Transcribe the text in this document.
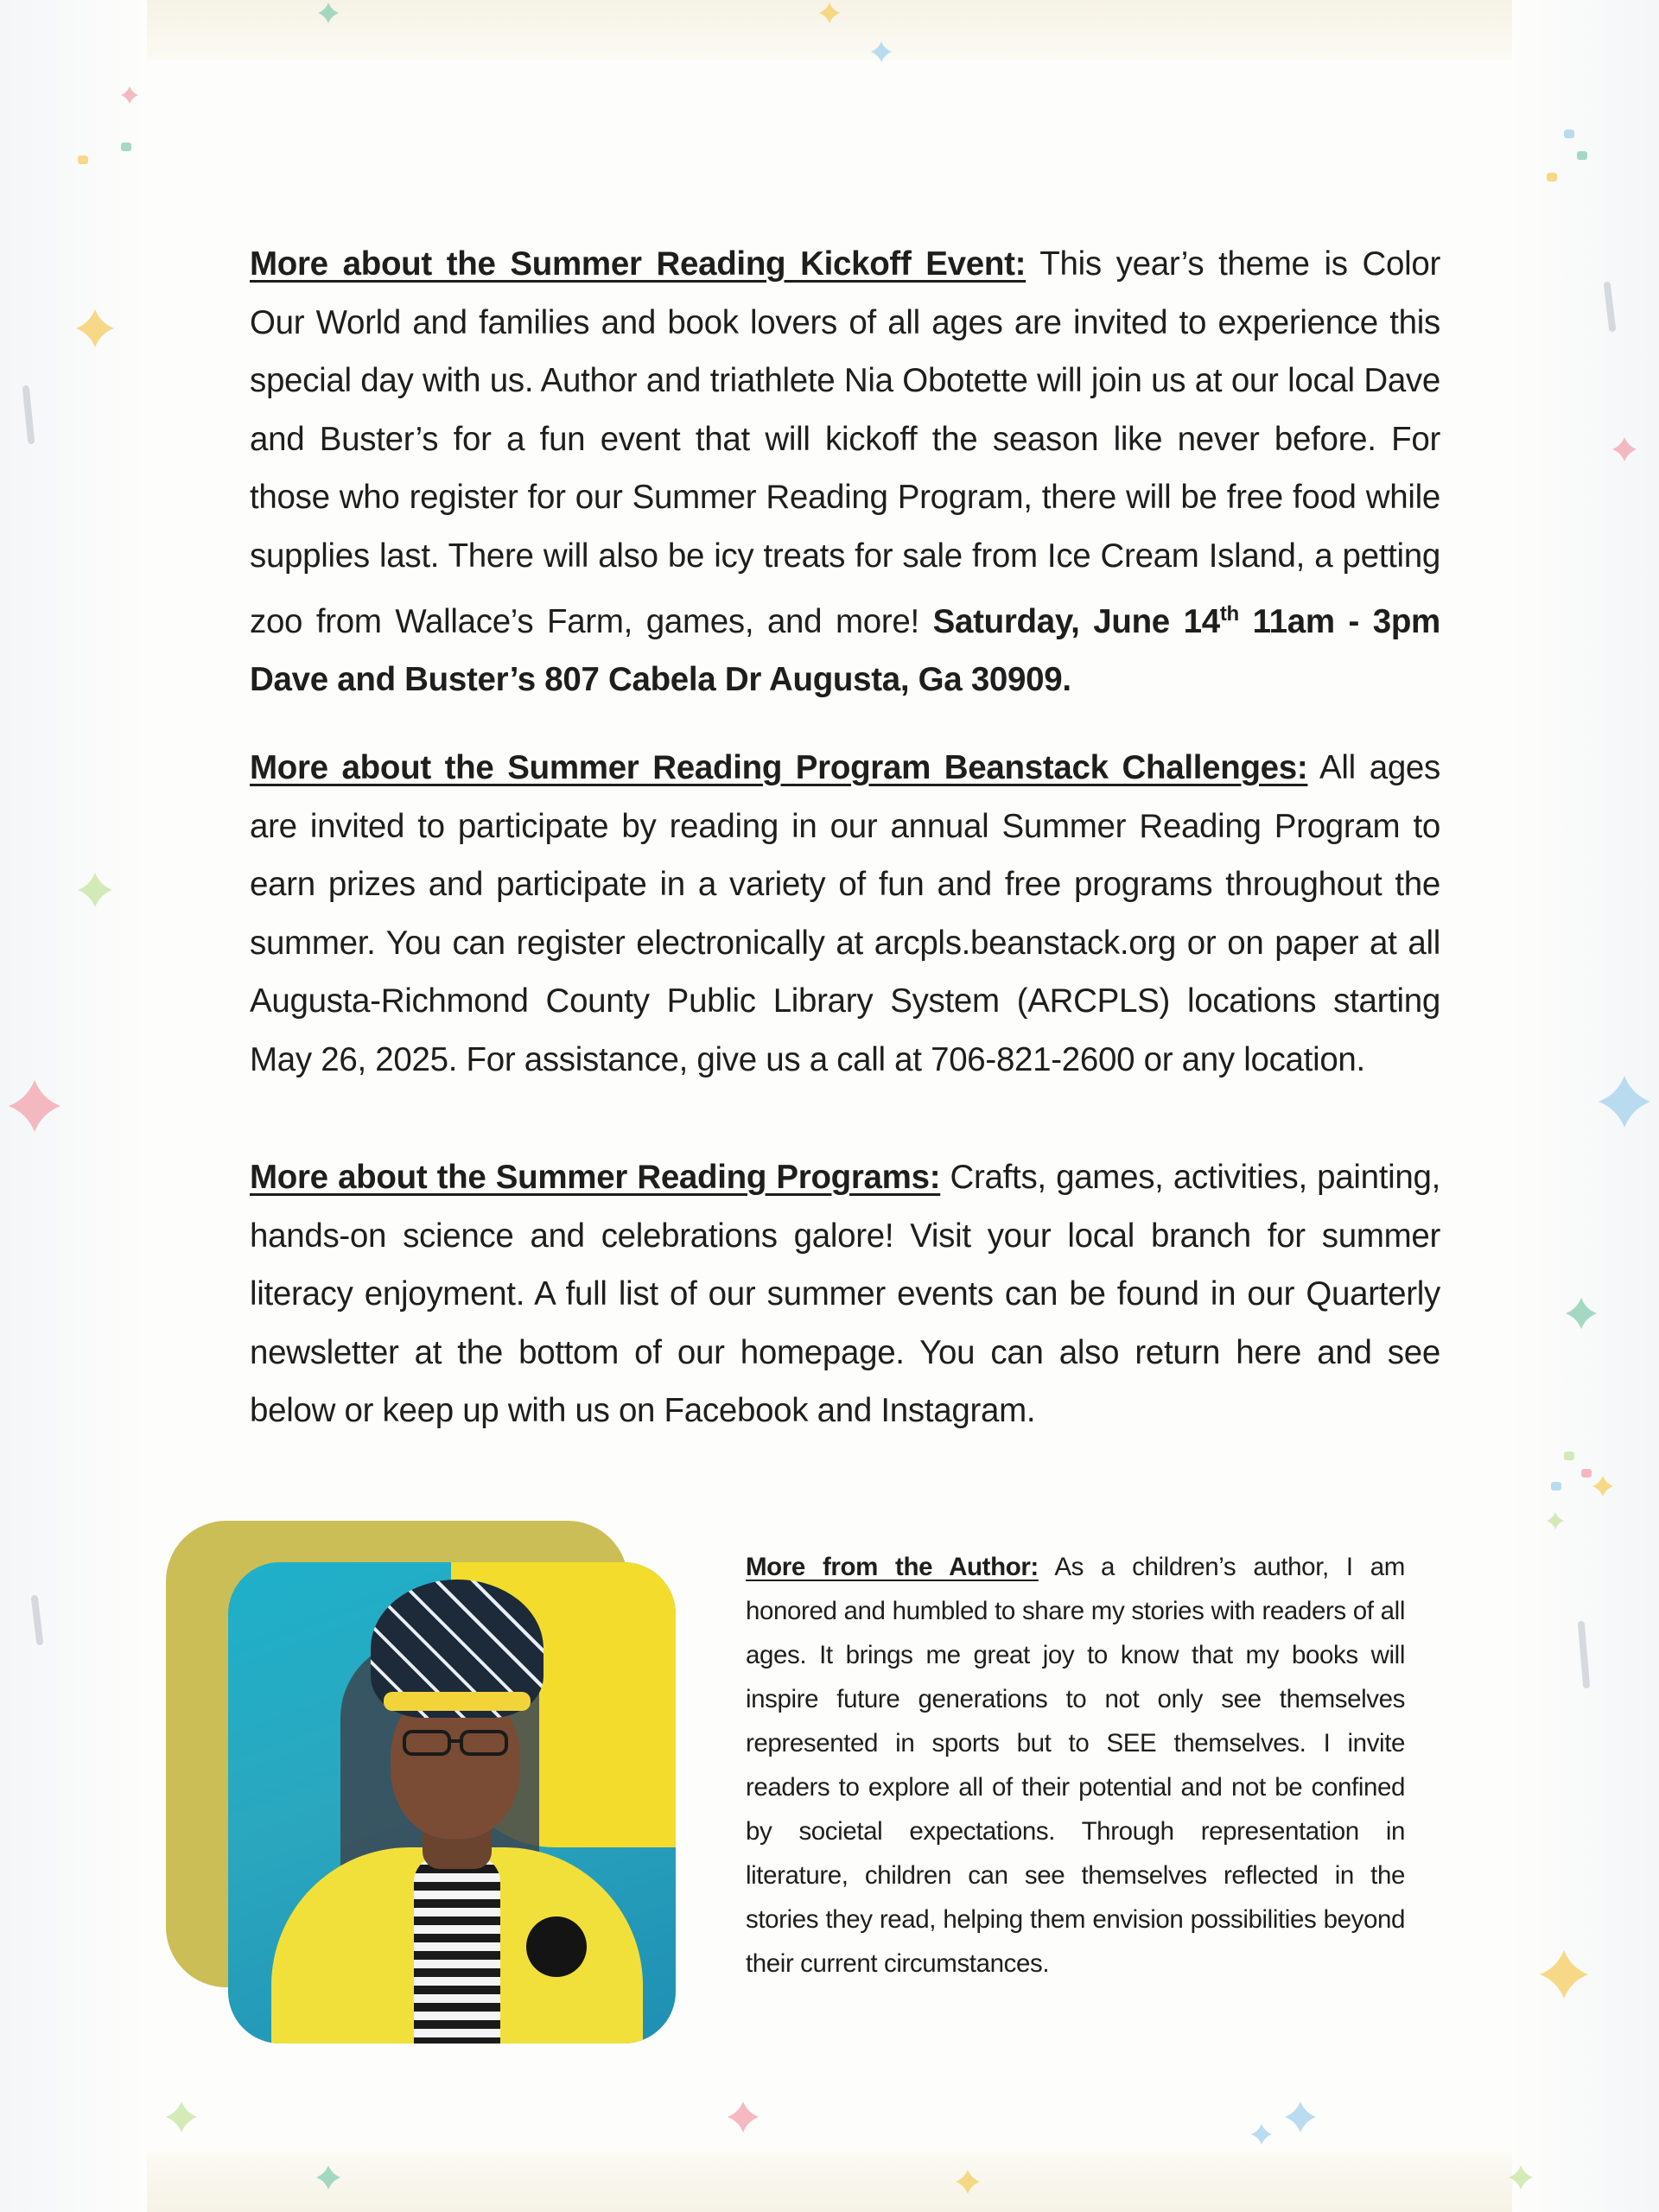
More about the Summer Reading Kickoff Event: This year’s theme is Color Our World and families and book lovers of all ages are invited to experience this special day with us. Author and triathlete Nia Obotette will join us at our local Dave and Buster’s for a fun event that will kickoff the season like never before. For those who register for our Summer Reading Program, there will be free food while supplies last. There will also be icy treats for sale from Ice Cream Island, a petting zoo from Wallace’s Farm, games, and more! Saturday, June 14th 11am - 3pm Dave and Buster’s 807 Cabela Dr Augusta, Ga 30909.

More about the Summer Reading Program Beanstack Challenges: All ages are invited to participate by reading in our annual Summer Reading Program to earn prizes and participate in a variety of fun and free programs throughout the summer. You can register electronically at arcpls.beanstack.org or on paper at all Augusta-Richmond County Public Library System (ARCPLS) locations starting May 26, 2025. For assistance, give us a call at 706-821-2600 or any location.

More about the Summer Reading Programs: Crafts, games, activities, painting, hands-on science and celebrations galore! Visit your local branch for summer literacy enjoyment. A full list of our summer events can be found in our Quarterly newsletter at the bottom of our homepage. You can also return here and see below or keep up with us on Facebook and Instagram.

More from the Author: As a children’s author, I am honored and humbled to share my stories with readers of all ages. It brings me great joy to know that my books will inspire future generations to not only see themselves represented in sports but to SEE themselves. I invite readers to explore all of their potential and not be confined by societal expectations. Through representation in literature, children can see themselves reflected in the stories they read, helping them envision possibilities beyond their current circumstances.
